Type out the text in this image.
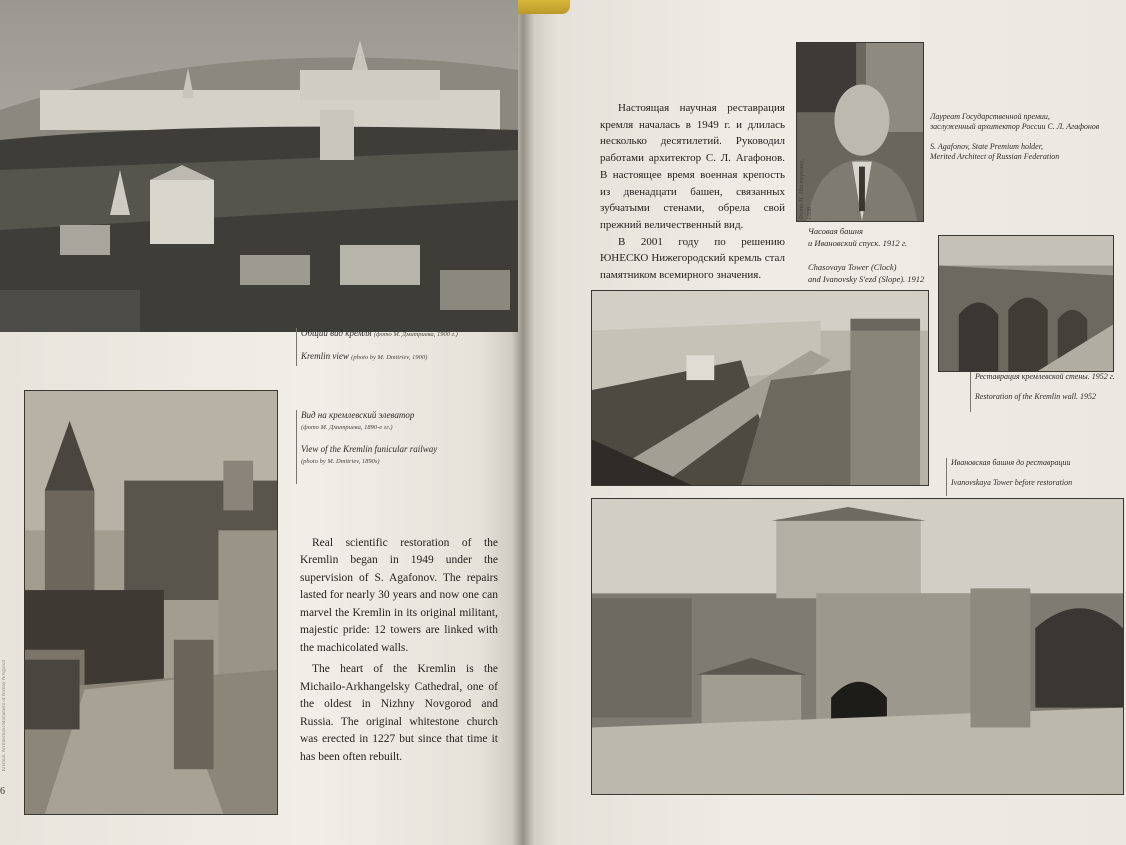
Общий вид кремля (фото М. Дмитриева, 1900 г.)

Kremlin view (photo by M. Dmitriev, 1900)
Вид на кремлевский элеватор
(фото М. Дмитриева, 1890-е гг.)

View of the Kremlin funicular railway
(photo by M. Dmitriev, 1890s)

Real scientific restoration of the Kremlin began in 1949 under the supervision of S. Agafonov. The repairs lasted for nearly 30 years and now one can marvel the Kremlin in its original militant, majestic pride: 12 towers are linked with the machicolated walls.

The heart of the Kremlin is the Michailo-Arkhangelsky Cathedral, one of the oldest in Nizhny Novgorod and Russia. The original whitestone church was erected in 1227 but since that time it has been often rebuilt.

6
Kremlin. Architectural Monument of Nizhny Novgorod

Настоящая научная реставрация кремля началась в 1949 г. и длилась несколько десятилетий. Руководил работами архитектор С. Л. Агафонов. В настоящее время военная крепость из двенадцати башен, связанных зубчатыми стенами, обрела свой прежний величественный вид.

В 2001 году по решению ЮНЕСКО Нижегородский кремль стал памятником всемирного значения.

Фото Н. Нестеренко, 1998
Лауреат Государственной премии,
заслуженный архитектор России С. Л. Агафонов

S. Agafonov, State Premium holder,
Merited Architect of Russian Federation
Часовая башня
и Ивановский спуск. 1912 г.

Chasovaya Tower (Clock)
and Ivanovsky S'ezd (Slope). 1912
Реставрация кремлевской стены. 1952 г.

Restoration of the Kremlin wall. 1952
Ивановская башня до реставрации

Ivanovskaya Tower before restoration
